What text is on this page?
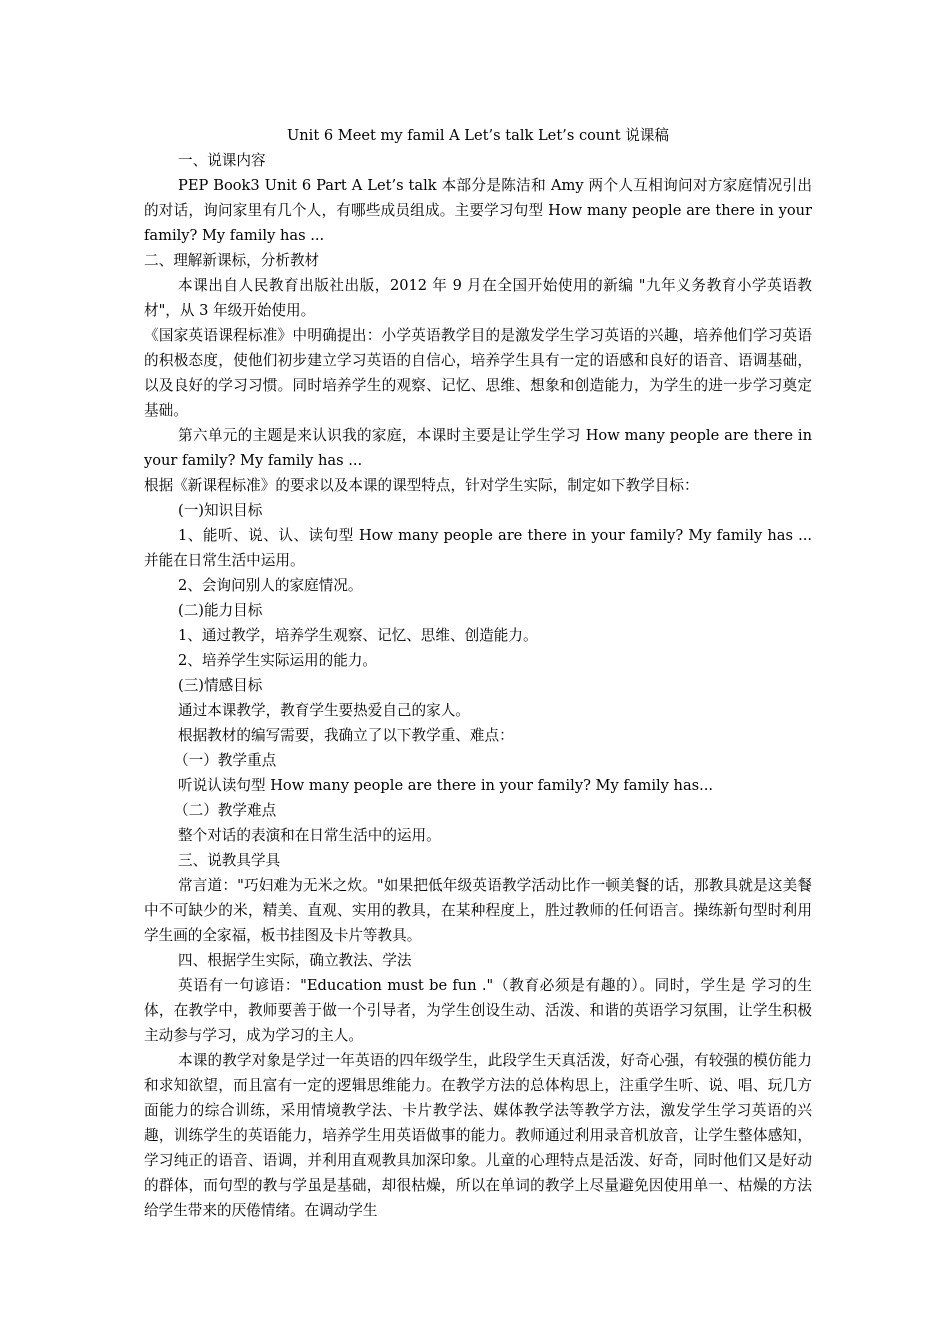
Unit 6 Meet my famil A Let’s talk Let’s count 说课稿

一、说课内容

PEP Book3 Unit 6 Part A Let’s talk 本部分是陈洁和 Amy 两个人互相询问对方家庭情况引出的对话，询问家里有几个人，有哪些成员组成。主要学习句型 How many people are there in your family? My family has ...

二、理解新课标，分析教材

本课出自人民教育出版社出版，2012 年 9 月在全国开始使用的新编 "九年义务教育小学英语教材"，从 3 年级开始使用。

《国家英语课程标准》中明确提出：小学英语教学目的是激发学生学习英语的兴趣，培养他们学习英语的积极态度，使他们初步建立学习英语的自信心，培养学生具有一定的语感和良好的语音、语调基础，以及良好的学习习惯。同时培养学生的观察、记忆、思维、想象和创造能力，为学生的进一步学习奠定基础。

第六单元的主题是来认识我的家庭，本课时主要是让学生学习 How many people are there in your family? My family has ...

根据《新课程标准》的要求以及本课的课型特点，针对学生实际，制定如下教学目标：

(一)知识目标

1、能听、说、认、读句型 How many people are there in your family? My family has ... 并能在日常生活中运用。

2、会询问别人的家庭情况。

(二)能力目标

1、通过教学，培养学生观察、记忆、思维、创造能力。

2、培养学生实际运用的能力。

(三)情感目标

通过本课教学，教育学生要热爱自己的家人。

根据教材的编写需要，我确立了以下教学重、难点：

（一）教学重点

听说认读句型 How many people are there in your family? My family has...

（二）教学难点

整个对话的表演和在日常生活中的运用。

三、说教具学具

常言道："巧妇难为无米之炊。"如果把低年级英语教学活动比作一顿美餐的话，那教具就是这美餐中不可缺少的米，精美、直观、实用的教具，在某种程度上，胜过教师的任何语言。操练新句型时利用学生画的全家福，板书挂图及卡片等教具。

四、根据学生实际，确立教法、学法

英语有一句谚语："Education must be fun ."（教育必须是有趣的）。同时，学生是 学习的生体，在教学中，教师要善于做一个引导者，为学生创设生动、活泼、和谐的英语学习氛围，让学生积极主动参与学习，成为学习的主人。

本课的教学对象是学过一年英语的四年级学生，此段学生天真活泼，好奇心强，有较强的模仿能力和求知欲望，而且富有一定的逻辑思维能力。在教学方法的总体构思上，注重学生听、说、唱、玩几方面能力的综合训练，采用情境教学法、卡片教学法、媒体教学法等教学方法，激发学生学习英语的兴趣，训练学生的英语能力，培养学生用英语做事的能力。教师通过利用录音机放音，让学生整体感知，学习纯正的语音、语调，并利用直观教具加深印象。儿童的心理特点是活泼、好奇，同时他们又是好动的群体，而句型的教与学虽是基础，却很枯燥，所以在单词的教学上尽量避免因使用单一、枯燥的方法给学生带来的厌倦情绪。在调动学生
